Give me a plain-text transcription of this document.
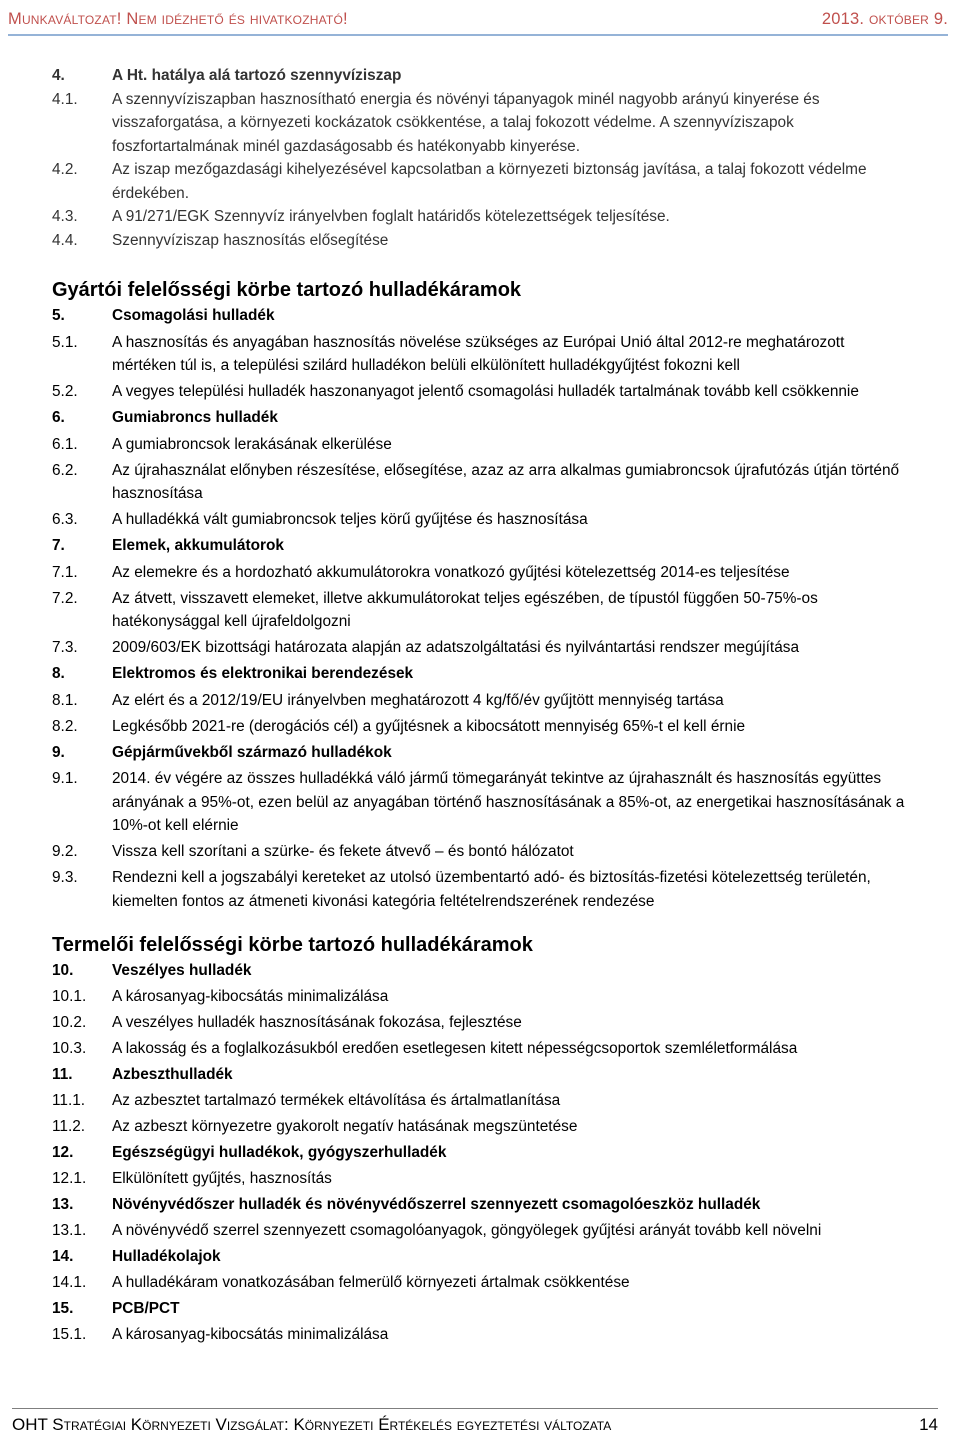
Munkaváltozat! Nem idézhető és hivatkozható!	2013. október 9.
4.	A Ht. hatálya alá tartozó szennyvíziszap
4.1.	A szennyvíziszapban hasznosítható energia és növényi tápanyagok minél nagyobb arányú kinyerése és visszaforgatása, a környezeti kockázatok csökkentése, a talaj fokozott védelme. A szennyvíziszapok foszfortartalmának minél gazdaságosabb és hatékonyabb kinyerése.
4.2.	Az iszap mezőgazdasági kihelyezésével kapcsolatban a környezeti biztonság javítása, a talaj fokozott védelme érdekében.
4.3.	A 91/271/EGK Szennyvíz irányelvben foglalt határidős kötelezettségek teljesítése.
4.4.	Szennyvíziszap hasznosítás elősegítése
Gyártói felelősségi körbe tartozó hulladékáramok
5.	Csomagolási hulladék
5.1.	A hasznosítás és anyagában hasznosítás növelése szükséges az Európai Unió által 2012-re meghatározott mértéken túl is, a települési szilárd hulladékon belüli elkülönített hulladékgyűjtést fokozni kell
5.2.	A vegyes települési hulladék haszonanyagot jelentő csomagolási hulladék tartalmának tovább kell csökkennie
6.	Gumiabroncs hulladék
6.1.	A gumiabroncsok lerakásának elkerülése
6.2.	Az újrahasználat előnyben részesítése, elősegítése, azaz az arra alkalmas gumiabroncsok újrafutózás útján történő hasznosítása
6.3.	A hulladékká vált gumiabroncsok teljes körű gyűjtése és hasznosítása
7.	Elemek, akkumulátorok
7.1.	Az elemekre és a hordozható akkumulátorokra vonatkozó gyűjtési kötelezettség 2014-es teljesítése
7.2.	Az átvett, visszavett elemeket, illetve akkumulátorokat teljes egészében, de típustól függően 50-75%-os hatékonysággal kell újrafeldolgozni
7.3.	2009/603/EK bizottsági határozata alapján az adatszolgáltatási és nyilvántartási rendszer megújítása
8.	Elektromos és elektronikai berendezések
8.1.	Az elért és a 2012/19/EU irányelvben meghatározott 4 kg/fő/év gyűjtött mennyiség tartása
8.2.	Legkésőbb 2021-re (derogációs cél) a gyűjtésnek a kibocsátott mennyiség 65%-t el kell érnie
9.	Gépjárművekből származó hulladékok
9.1.	2014. év végére az összes hulladékká váló jármű tömegarányát tekintve az újrahasznált és hasznosítás együttes arányának a 95%-ot, ezen belül az anyagában történő hasznosításának a 85%-ot, az energetikai hasznosításának a 10%-ot kell elérnie
9.2.	Vissza kell szorítani a szürke- és fekete átvevő – és bontó hálózatot
9.3.	Rendezni kell a jogszabályi kereteket az utolsó üzembentartó adó- és biztosítás-fizetési kötelezettség területén, kiemelten fontos az átmeneti kivonási kategória feltételrendszerének rendezése
Termelői felelősségi körbe tartozó hulladékáramok
10.	Veszélyes hulladék
10.1.	A károsanyag-kibocsátás minimalizálása
10.2.	A veszélyes hulladék hasznosításának fokozása, fejlesztése
10.3.	A lakosság és a foglalkozásukból eredően esetlegesen kitett népességcsoportok szemléletformálása
11.	Azbeszthulladék
11.1.	Az azbesztet tartalmazó termékek eltávolítása és ártalmatlanítása
11.2.	Az azbeszt környezetre gyakorolt negatív hatásának megszüntetése
12.	Egészségügyi hulladékok, gyógyszerhulladék
12.1.	Elkülönített gyűjtés, hasznosítás
13.	Növényvédőszer hulladék és növényvédőszerrel szennyezett csomagolóeszköz hulladék
13.1.	A növényvédő szerrel szennyezett csomagolóanyagok, göngyölegek gyűjtési arányát tovább kell növelni
14.	Hulladékolajok
14.1.	A hulladékáram vonatkozásában felmerülő környezeti ártalmak csökkentése
15.	PCB/PCT
15.1.	A károsanyag-kibocsátás minimalizálása
OHT Stratégiai Környezeti Vizsgálat: Környezeti Értékelés egyeztetési változata	14
